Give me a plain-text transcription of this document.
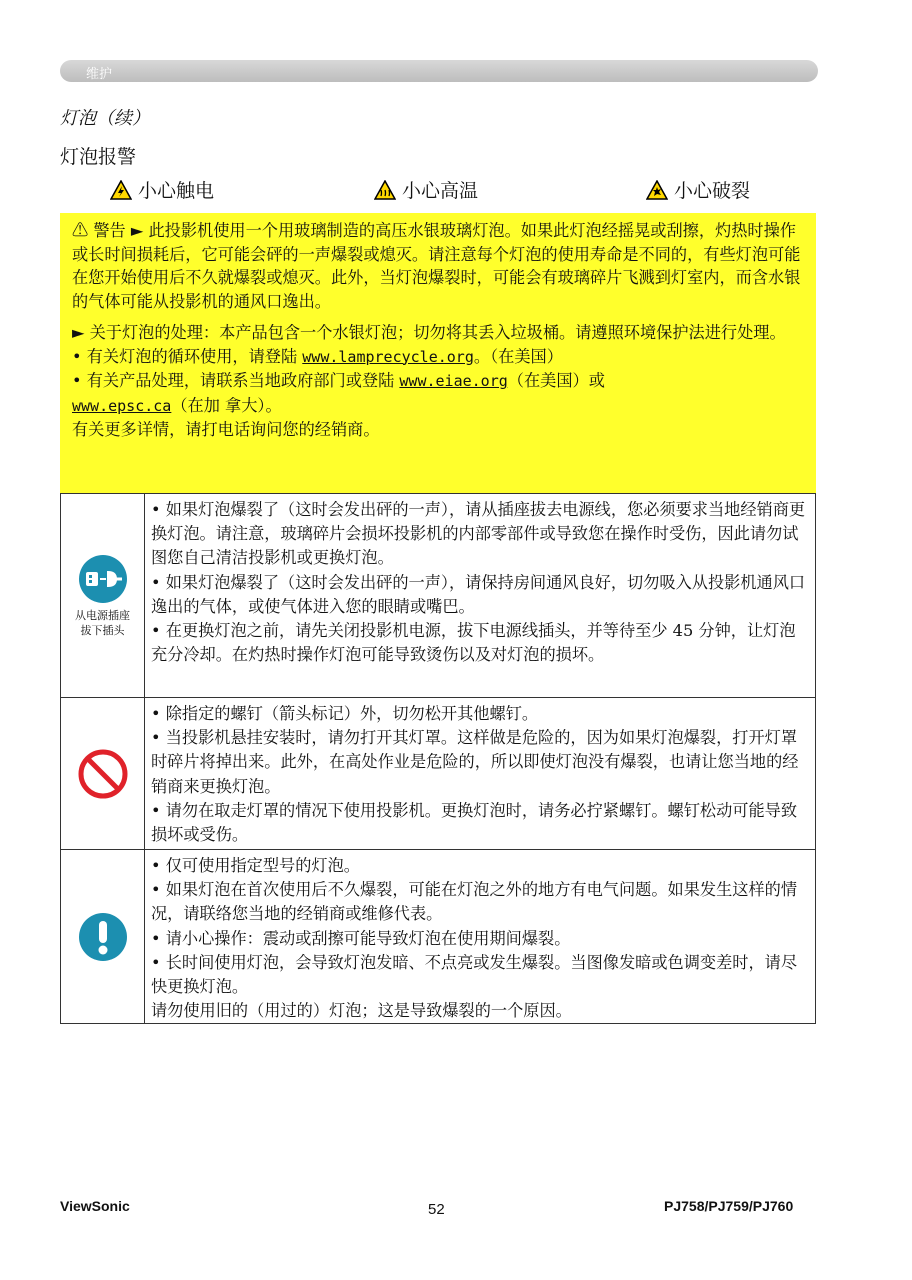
维护
灯泡（续）
灯泡报警
小心触电	小心高温	小心破裂

⚠ 警告 ► 此投影机使用一个用玻璃制造的高压水银玻璃灯泡。如果此灯泡经摇晃或刮擦，灼热时操作或长时间损耗后，它可能会砰的一声爆裂或熄灭。请注意每个灯泡的使用寿命是不同的，有些灯泡可能在您开始使用后不久就爆裂或熄灭。此外，当灯泡爆裂时，可能会有玻璃碎片飞溅到灯室内，而含水银的气体可能从投影机的通风口逸出。

► 关于灯泡的处理：本产品包含一个水银灯泡；切勿将其丢入垃圾桶。请遵照环境保护法进行处理。

• 有关灯泡的循环使用，请登陆 www.lamprecycle.org。（在美国）

• 有关产品处理，请联系当地政府部门或登陆 www.eiae.org（在美国）或
www.epsc.ca（在加 拿大）。

有关更多详情，请打电话询问您的经销商。

从电源插座
拔下插头

• 如果灯泡爆裂了（这时会发出砰的一声），请从插座拔去电源线，您必须要求当地经销商更换灯泡。请注意，玻璃碎片会损坏投影机的内部零部件或导致您在操作时受伤，因此请勿试图您自己清洁投影机或更换灯泡。

• 如果灯泡爆裂了（这时会发出砰的一声），请保持房间通风良好，切勿吸入从投影机通风口逸出的气体，或使气体进入您的眼睛或嘴巴。

• 在更换灯泡之前，请先关闭投影机电源，拔下电源线插头，并等待至少 45 分钟，让灯泡充分冷却。在灼热时操作灯泡可能导致烫伤以及对灯泡的损坏。

• 除指定的螺钉（箭头标记）外，切勿松开其他螺钉。

• 当投影机悬挂安装时，请勿打开其灯罩。这样做是危险的，因为如果灯泡爆裂，打开灯罩时碎片将掉出来。此外，在高处作业是危险的，所以即使灯泡没有爆裂，也请让您当地的经销商来更换灯泡。

• 请勿在取走灯罩的情况下使用投影机。更换灯泡时，请务必拧紧螺钉。螺钉松动可能导致损坏或受伤。

• 仅可使用指定型号的灯泡。

• 如果灯泡在首次使用后不久爆裂，可能在灯泡之外的地方有电气问题。如果发生这样的情况，请联络您当地的经销商或维修代表。

• 请小心操作：震动或刮擦可能导致灯泡在使用期间爆裂。

• 长时间使用灯泡，会导致灯泡发暗、不点亮或发生爆裂。当图像发暗或色调变差时，请尽快更换灯泡。

请勿使用旧的（用过的）灯泡；这是导致爆裂的一个原因。

ViewSonic	52	PJ758/PJ759/PJ760
